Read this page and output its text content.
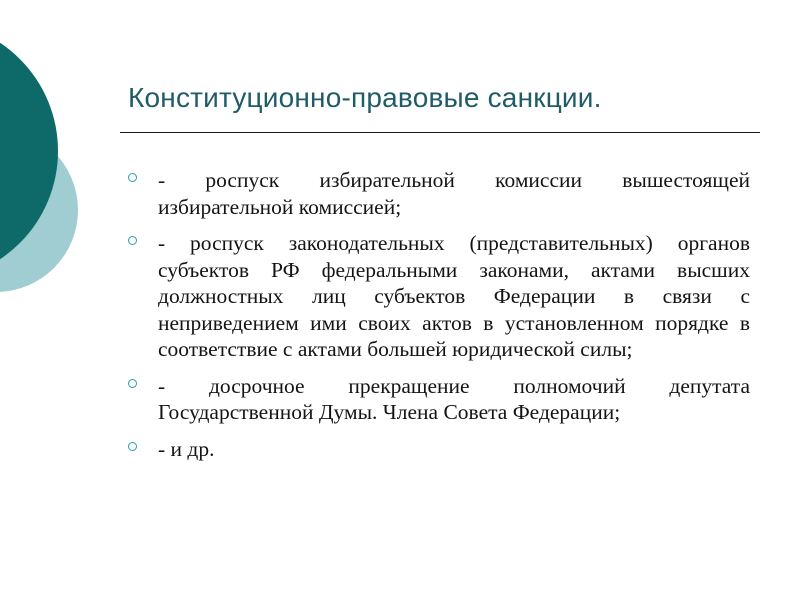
Конституционно-правовые санкции.
- роспуск избирательной комиссии вышестоящей избирательной комиссией;
- роспуск законодательных (представительных) органов субъектов РФ федеральными законами, актами высших должностных лиц субъектов Федерации в связи с неприведением ими своих актов в установленном порядке в соответствие с актами большей юридической силы;
- досрочное прекращение полномочий депутата Государственной Думы. Члена Совета Федерации;
- и др.
